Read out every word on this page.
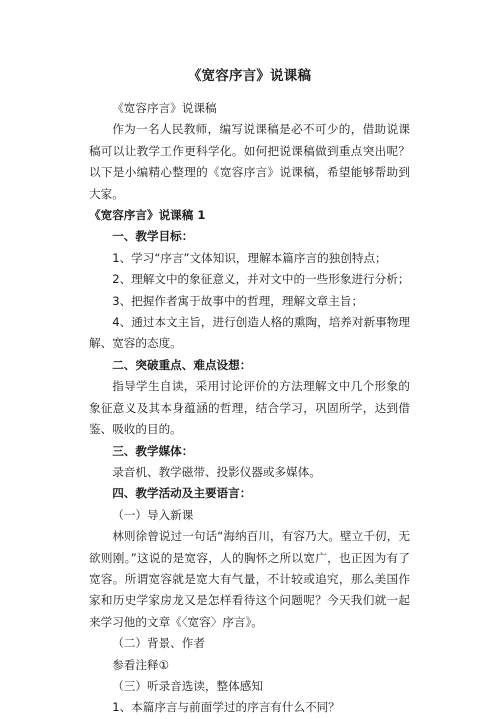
《宽容序言》说课稿

《宽容序言》说课稿

作为一名人民教师，编写说课稿是必不可少的，借助说课稿可以让教学工作更科学化。如何把说课稿做到重点突出呢？以下是小编精心整理的《宽容序言》说课稿，希望能够帮助到大家。

《宽容序言》说课稿 1

一、教学目标：

1、学习“序言”文体知识，理解本篇序言的独创特点；

2、理解文中的象征意义，并对文中的一些形象进行分析；

3、把握作者寓于故事中的哲理，理解文章主旨；

4、通过本文主旨，进行创造人格的熏陶，培养对新事物理解、宽容的态度。

二、突破重点、难点设想：

指导学生自读，采用讨论评价的方法理解文中几个形象的象征意义及其本身蕴涵的哲理，结合学习，巩固所学，达到借鉴、吸收的目的。

三、教学媒体：

录音机、教学磁带、投影仪器或多媒体。

四、教学活动及主要语言：

（一）导入新课

林则徐曾说过一句话“海纳百川，有容乃大。壁立千仞，无欲则刚。”这说的是宽容，人的胸怀之所以宽广，也正因为有了宽容。所谓宽容就是宽大有气量，不计较或追究，那么美国作家和历史学家房龙又是怎样看待这个问题呢？今天我们就一起来学习他的文章《〈宽容〉序言》。

（二）背景、作者

参看注释①

（三）听录音选读，整体感知

1、本篇序言与前面学过的序言有什么不同？
